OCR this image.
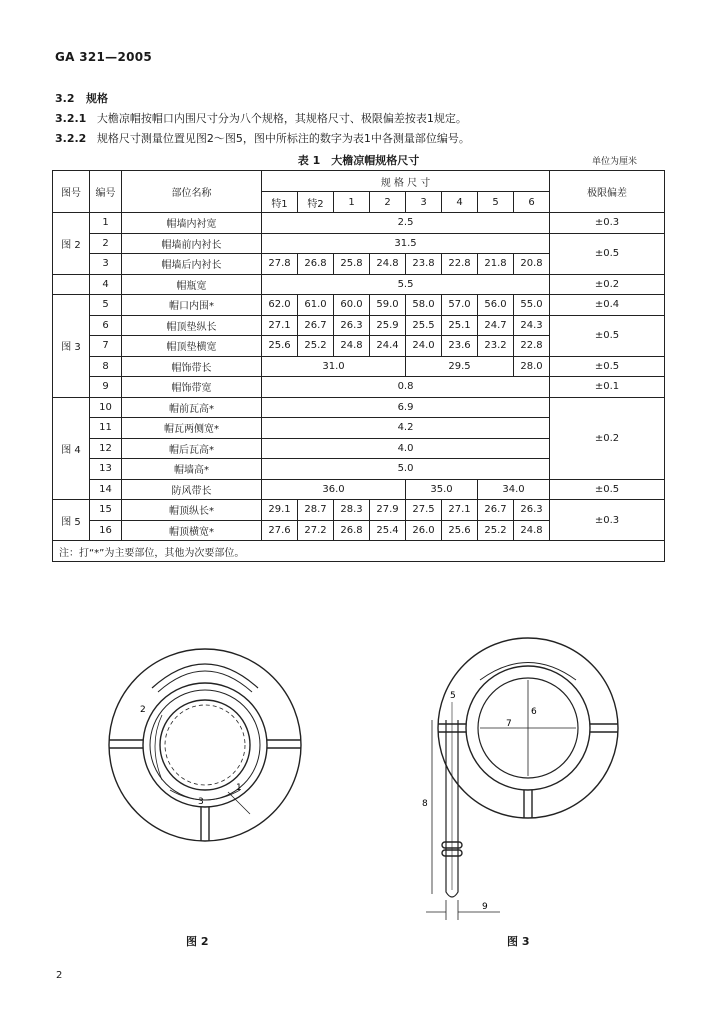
GA 321—2005
3.2 规格
3.2.1 大檐凉帽按帽口内围尺寸分为八个规格，其规格尺寸、极限偏差按表1规定。
3.2.2 规格尺寸测量位置见图2～图5，图中所标注的数字为表1中各测量部位编号。
表 1　大檐凉帽规格尺寸	单位为厘米
图号	编号	部位名称	规 格 尺 寸								极限偏差
			特1	特2	1	2	3	4	5	6	
图 2	1	帽墙内衬宽	2.5								±0.3
	2	帽墙前内衬长	31.5								±0.5
	3	帽墙后内衬长	27.8	26.8	25.8	24.8	23.8	22.8	21.8	20.8	
	4	帽瓶宽	5.5								±0.2
图 3	5	帽口内围*	62.0	61.0	60.0	59.0	58.0	57.0	56.0	55.0	±0.4
	6	帽顶垫纵长	27.1	26.7	26.3	25.9	25.5	25.1	24.7	24.3	±0.5
	7	帽顶垫横宽	25.6	25.2	24.8	24.4	24.0	23.6	23.2	22.8	
	8	帽饰带长	31.0				29.5			28.0	±0.5
	9	帽饰带宽	0.8								±0.1
图 4	10	帽前瓦高*	6.9								±0.2
	11	帽瓦两侧宽*	4.2								
	12	帽后瓦高*	4.0								
	13	帽墙高*	5.0								
	14	防风带长	36.0				35.0		34.0		±0.5
图 5	15	帽顶纵长*	29.1	28.7	28.3	27.9	27.5	27.1	26.7	26.3	±0.3
	16	帽顶横宽*	27.6	27.2	26.8	25.4	26.0	25.6	25.2	24.8	
注：打“*”为主要部位，其他为次要部位。											
2
1
3
图 2
5
6
7
8
9
图 3
2
